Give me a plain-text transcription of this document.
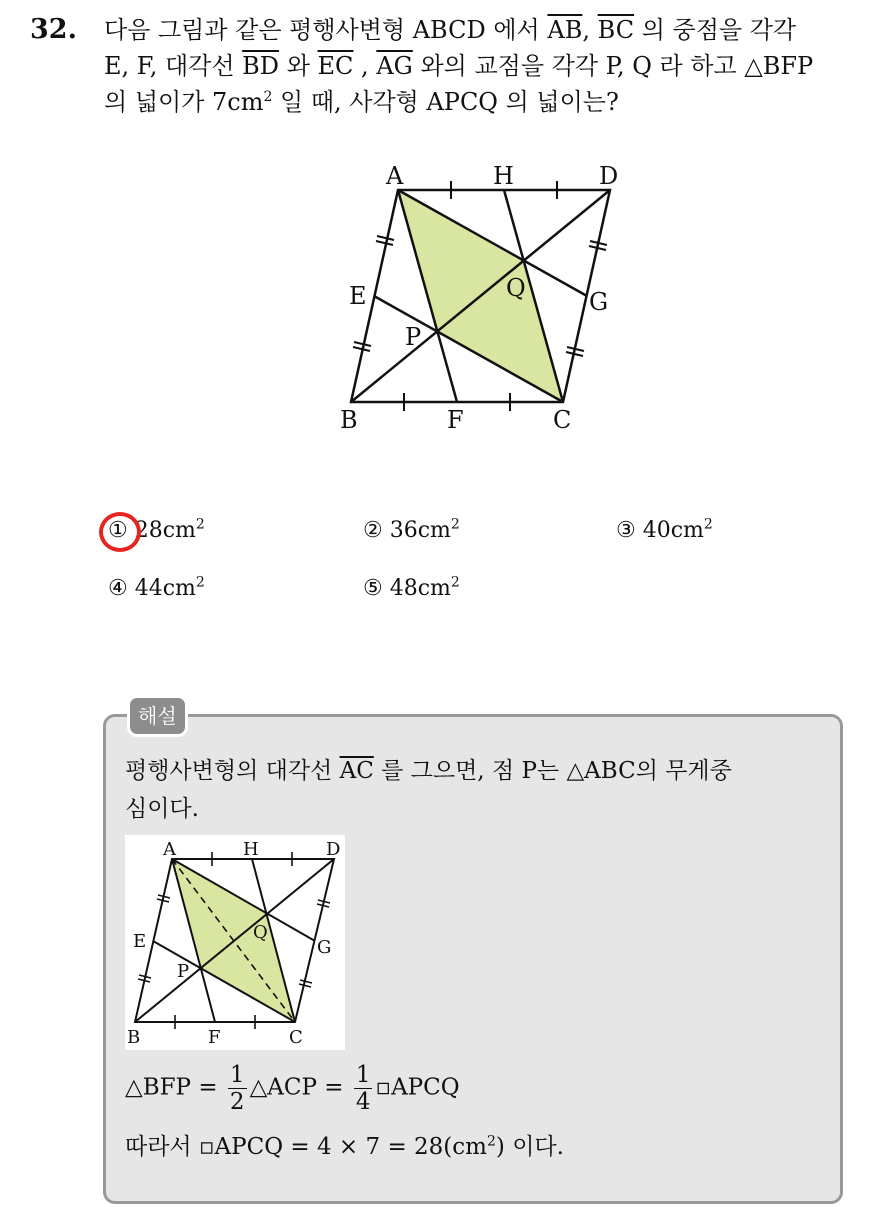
32. 다음 그림과 같은 평행사변형 ABCD 에서 $\overline{AB}$, $\overline{BC}$ 의 중점을 각각
E, F, 대각선 $\overline{BD}$ 와 $\overline{EC}$ , $\overline{AG}$ 와의 교점을 각각 P, Q 라 하고 △BFP
의 넓이가 $7cm^2$ 일 때, 사각형 APCQ 의 넓이는?
A	H	D
E	G
P
Q
B	F	C
① $28cm^2$	② $36cm^2$	③ $40cm^2$
④ $44cm^2$	⑤ $48cm^2$
해설
평행사변형의 대각선 $\overline{AC}$ 를 그으면, 점 P는 △ABC의 무게중
심이다.
A	H	D
E	G
P
Q
B	F	C
△BFP = $\frac{1}{2}$ △ACP = $\frac{1}{4}$ ▫APCQ
따라서 ▫APCQ = $4 \times 7 = 28(cm^2)$ 이다.
